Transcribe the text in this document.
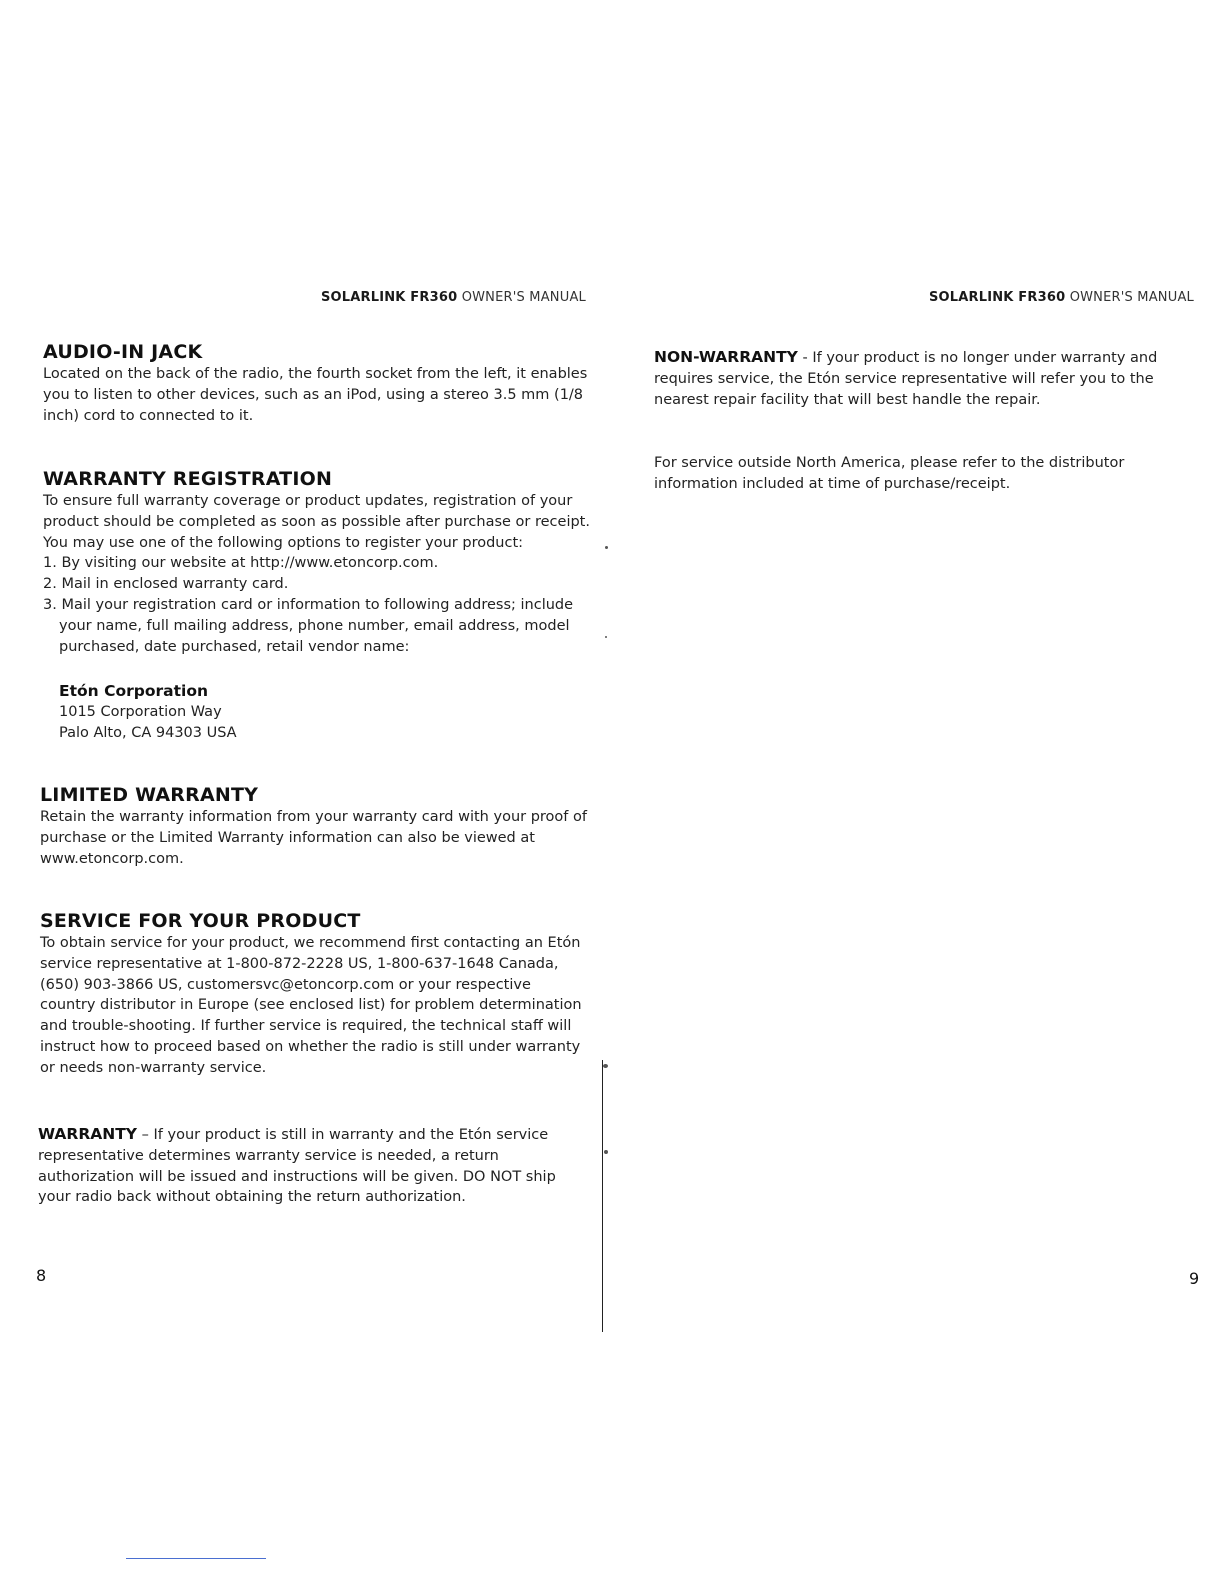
SOLARLINK FR360 OWNER'S MANUAL
AUDIO-IN JACK

Located on the back of the radio, the fourth socket from the left, it enables you to listen to other devices, such as an iPod, using a stereo 3.5 mm (1/8 inch) cord to connected to it.

WARRANTY REGISTRATION

To ensure full warranty coverage or product updates, registration of your product should be completed as soon as possible after purchase or receipt. You may use one of the following options to register your product:

1. By visiting our website at http://www.etoncorp.com.
2. Mail in enclosed warranty card.
3. Mail your registration card or information to following address; include your name, full mailing address, phone number, email address, model purchased, date purchased, retail vendor name:
Etón Corporation
1015 Corporation Way
Palo Alto, CA 94303 USA
LIMITED WARRANTY

Retain the warranty information from your warranty card with your proof of purchase or the Limited Warranty information can also be viewed at www.etoncorp.com.

SERVICE FOR YOUR PRODUCT

To obtain service for your product, we recommend first contacting an Etón service representative at 1-800-872-2228 US, 1-800-637-1648 Canada, (650) 903-3866 US, customersvc@etoncorp.com or your respective country distributor in Europe (see enclosed list) for problem determination and trouble-shooting. If further service is required, the technical staff will instruct how to proceed based on whether the radio is still under warranty or needs non-warranty service.

WARRANTY – If your product is still in warranty and the Etón service representative determines warranty service is needed, a return authorization will be issued and instructions will be given. DO NOT ship your radio back without obtaining the return authorization.

8
SOLARLINK FR360 OWNER'S MANUAL

NON-WARRANTY - If your product is no longer under warranty and requires service, the Etón service representative will refer you to the nearest repair facility that will best handle the repair.

For service outside North America, please refer to the distributor information included at time of purchase/receipt.

9
